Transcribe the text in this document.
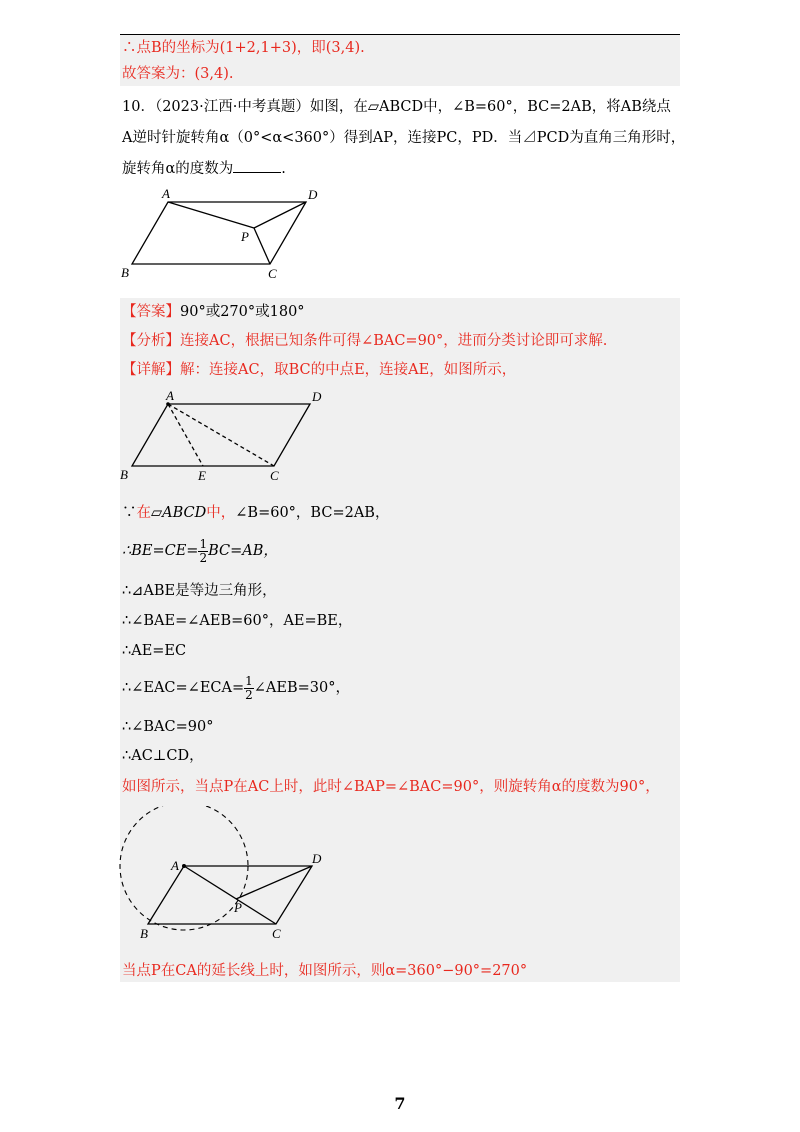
∴点B的坐标为(1+2,1+3)，即(3,4).
故答案为：(3,4).
10．（2023·江西·中考真题）如图，在▱ABCD中，∠B=60°，BC=2AB，将AB绕点
A逆时针旋转角α（0°<α<360°）得到AP，连接PC，PD．当⊿PCD为直角三角形时，
旋转角α的度数为	.
A	D
P
B	C
【答案】90°或270°或180°
【分析】连接AC，根据已知条件可得∠BAC=90°，进而分类讨论即可求解.
【详解】解：连接AC，取BC的中点E，连接AE，如图所示，
A	D
B	E	C
∵在▱ABCD中，∠B=60°，BC=2AB，
∴BE=CE= $\frac{1}{2} BC=AB$，
∴⊿ABE是等边三角形，
∴∠BAE=∠AEB=60°，AE=BE，
∴AE=EC
∴∠EAC=∠ECA= $\frac{1}{2}$ ∠AEB=30°，
∴∠BAC=90°
∴AC⊥CD，
如图所示，当点P在AC上时，此时∠BAP=∠BAC=90°，则旋转角α的度数为90°，
A	D
P
B	C
当点P在CA的延长线上时，如图所示，则α=360°−90°=270°
7
